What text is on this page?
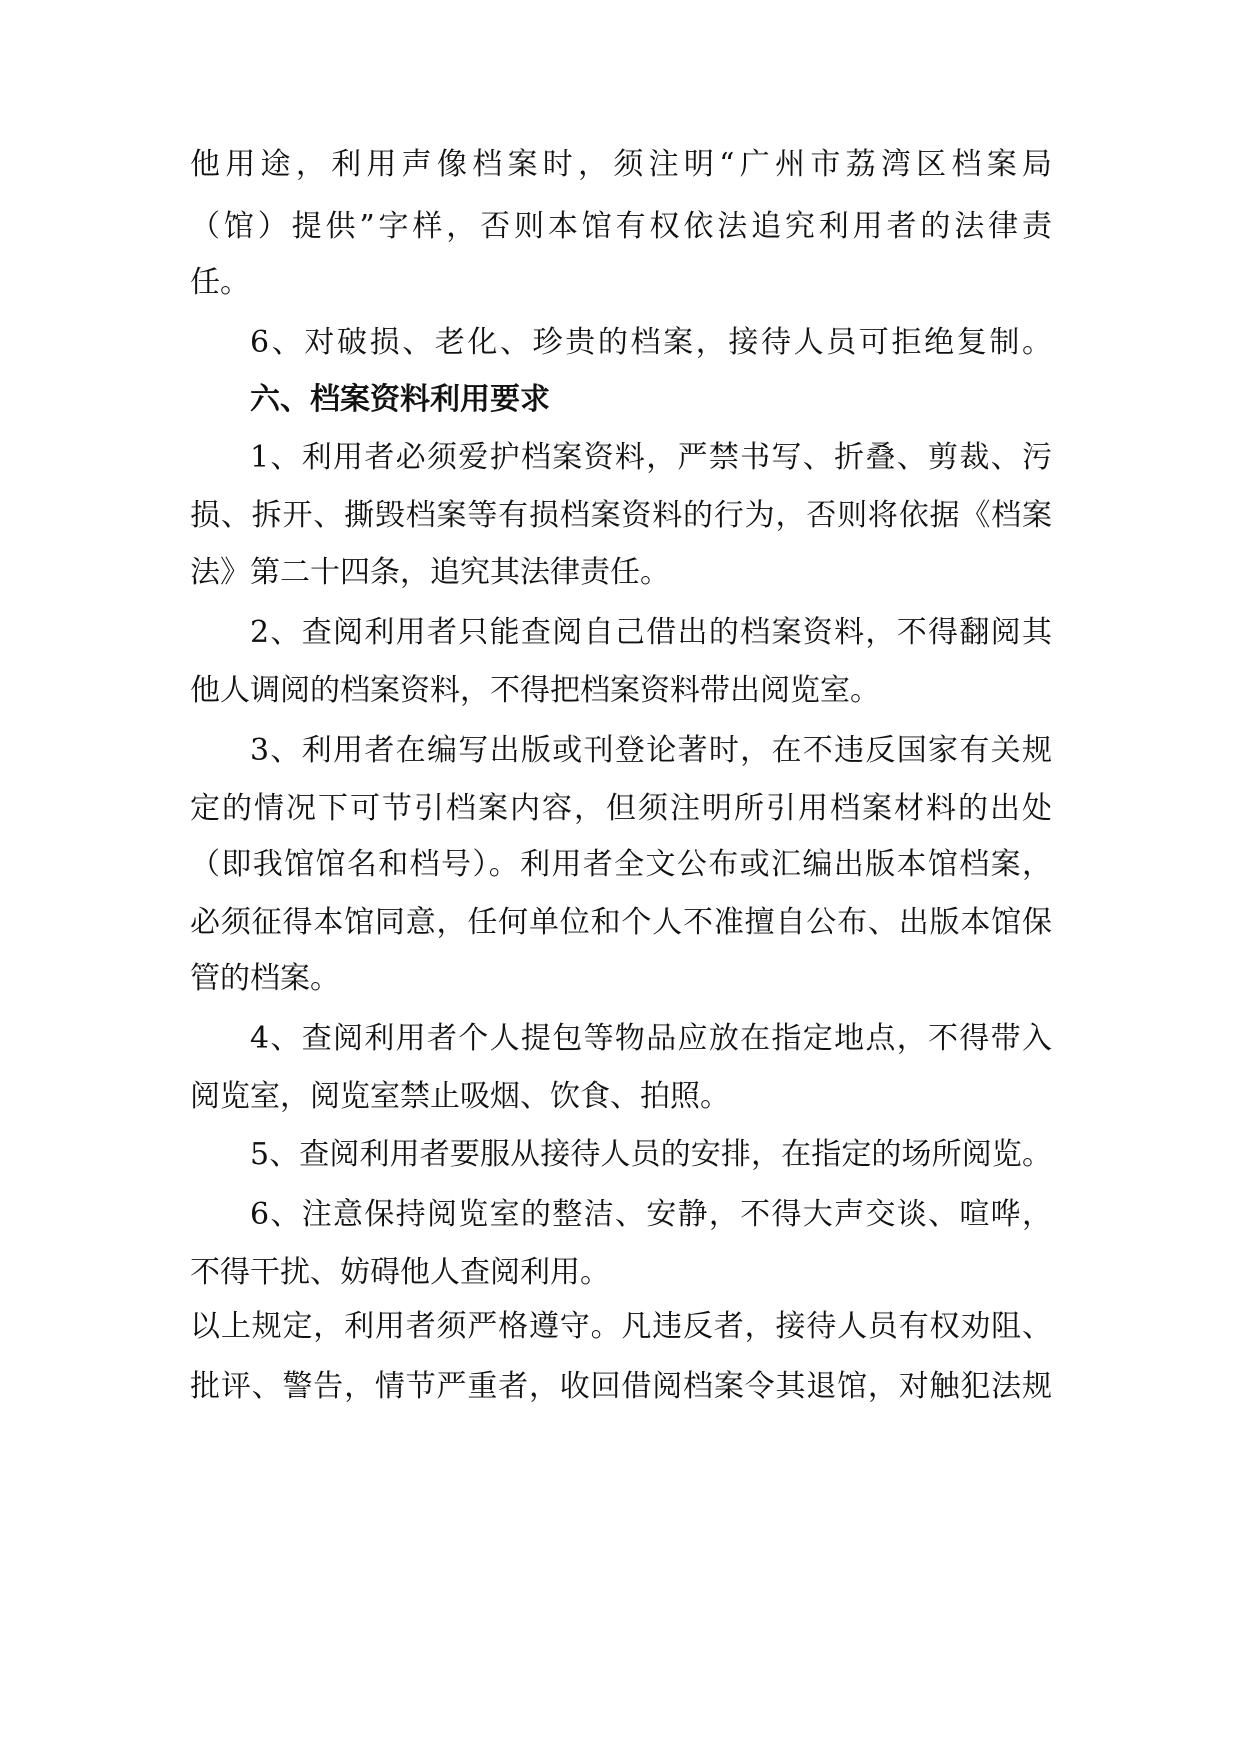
他用途，利用声像档案时，须注明“广州市荔湾区档案局
（馆）提供”字样，否则本馆有权依法追究利用者的法律责
任。
6、对破损、老化、珍贵的档案，接待人员可拒绝复制。
六、档案资料利用要求
1、利用者必须爱护档案资料，严禁书写、折叠、剪裁、污
损、拆开、撕毁档案等有损档案资料的行为，否则将依据《档案
法》第二十四条，追究其法律责任。
2、查阅利用者只能查阅自己借出的档案资料，不得翻阅其
他人调阅的档案资料，不得把档案资料带出阅览室。
3、利用者在编写出版或刊登论著时，在不违反国家有关规
定的情况下可节引档案内容，但须注明所引用档案材料的出处
（即我馆馆名和档号）。利用者全文公布或汇编出版本馆档案，
必须征得本馆同意，任何单位和个人不准擅自公布、出版本馆保
管的档案。
4、查阅利用者个人提包等物品应放在指定地点，不得带入
阅览室，阅览室禁止吸烟、饮食、拍照。
5、查阅利用者要服从接待人员的安排，在指定的场所阅览。
6、注意保持阅览室的整洁、安静，不得大声交谈、喧哗，
不得干扰、妨碍他人查阅利用。
以上规定，利用者须严格遵守。凡违反者，接待人员有权劝阻、
批评、警告，情节严重者，收回借阅档案令其退馆，对触犯法规
